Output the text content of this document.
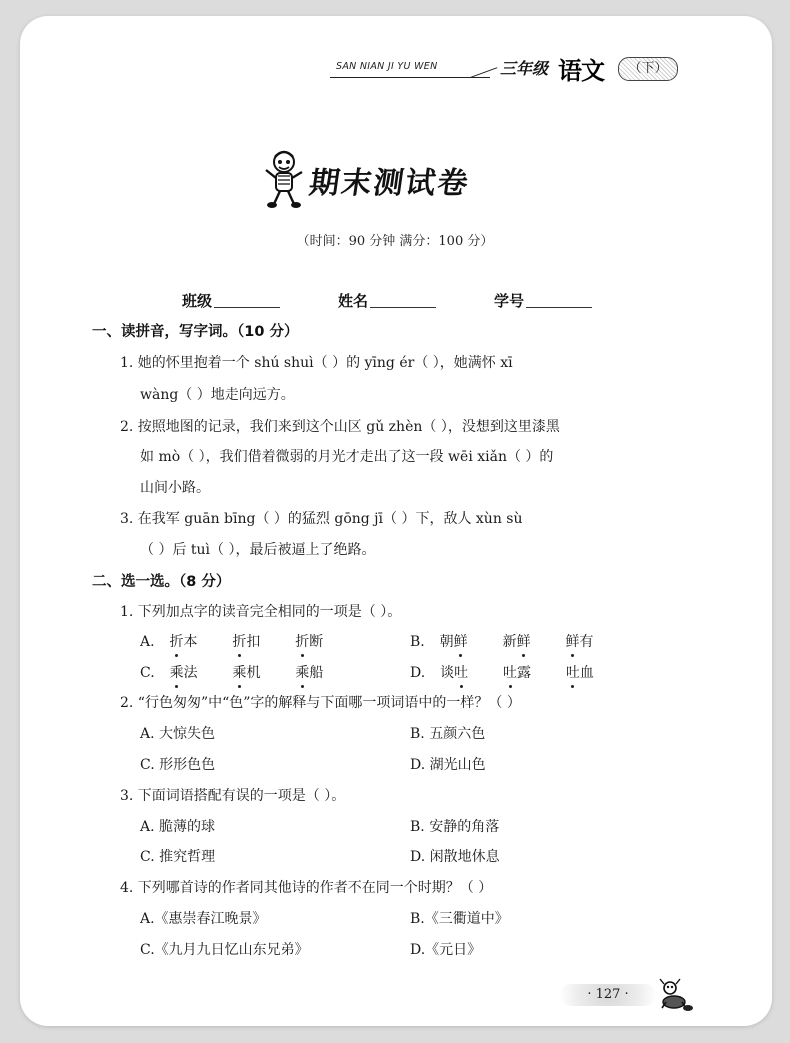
SAN NIAN JI YU WEN	三年级 语文	（下）
期末测试卷
（时间：90 分钟 满分：100 分）
班级	姓名	学号
一、读拼音，写字词。（10 分）
1. 她的怀里抱着一个 shú shuì（ ）的 yīng ér（ ），她满怀 xī
wàng（ ）地走向远方。
2. 按照地图的记录，我们来到这个山区 gǔ zhèn（ ），没想到这里漆黑
如 mò（ ），我们借着微弱的月光才走出了这一段 wēi xiǎn（ ）的
山间小路。
3. 在我军 guān bīng（ ）的猛烈 gōng jī（ ）下，敌人 xùn sù
（ ）后 tuì（ ），最后被逼上了绝路。
二、选一选。（8 分）
1. 下列加点字的读音完全相同的一项是（ ）。
A. 折本 折扣 折断	B. 朝鲜 新鲜 鲜有
C. 乘法 乘机 乘船	D. 谈吐 吐露 吐血
2. “行色匆匆”中“色”字的解释与下面哪一项词语中的一样？（ ）
A. 大惊失色	B. 五颜六色
C. 形形色色	D. 湖光山色
3. 下面词语搭配有误的一项是（ ）。
A. 脆薄的球	B. 安静的角落
C. 推究哲理	D. 闲散地休息
4. 下列哪首诗的作者同其他诗的作者不在同一个时期？（ ）
A.《惠崇春江晚景》	B.《三衢道中》
C.《九月九日忆山东兄弟》	D.《元日》
· 127 ·
